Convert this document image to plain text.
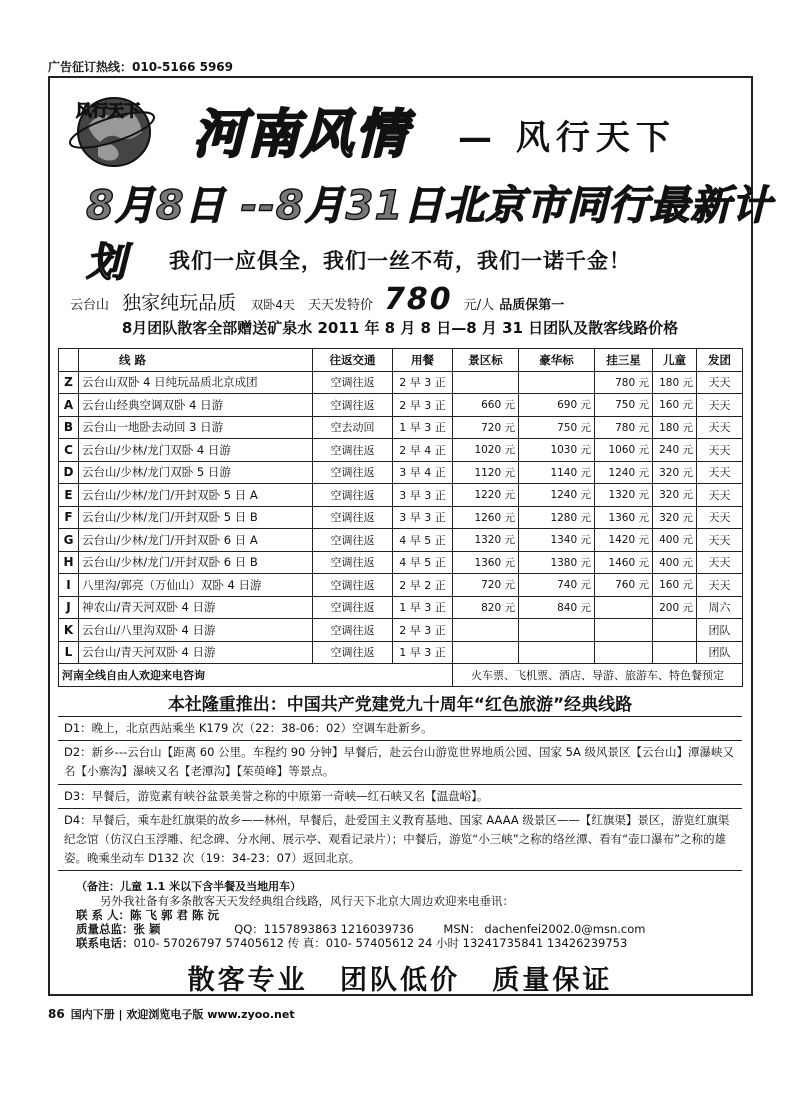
广告征订热线：010-5166 5969
风行天下 河南风情 — 风行天下
8月8日 --8月31日北京市同行最新计划	我们一应俱全，我们一丝不苟，我们一诺千金！
云台山 独家纯玩品质 双卧4天 天天发特价 780 元/人 品质保第一
8月团队散客全部赠送矿泉水 2011 年 8 月 8 日—8 月 31 日团队及散客线路价格
	线 路	往返交通	用餐	景区标	豪华标	挂三星	儿童	发团
Z	云台山双卧 4 日纯玩品质北京成团	空调往返	2 早 3 正			780 元	180 元	天天
A	云台山经典空调双卧 4 日游	空调往返	2 早 3 正	660 元	690 元	750 元	160 元	天天
B	云台山一地卧去动回 3 日游	空去动回	1 早 3 正	720 元	750 元	780 元	180 元	天天
C	云台山/少林/龙门双卧 4 日游	空调往返	2 早 4 正	1020 元	1030 元	1060 元	240 元	天天
D	云台山/少林/龙门双卧 5 日游	空调往返	3 早 4 正	1120 元	1140 元	1240 元	320 元	天天
E	云台山/少林/龙门/开封双卧 5 日 A	空调往返	3 早 3 正	1220 元	1240 元	1320 元	320 元	天天
F	云台山/少林/龙门/开封双卧 5 日 B	空调往返	3 早 3 正	1260 元	1280 元	1360 元	320 元	天天
G	云台山/少林/龙门/开封双卧 6 日 A	空调往返	4 早 5 正	1320 元	1340 元	1420 元	400 元	天天
H	云台山/少林/龙门/开封双卧 6 日 B	空调往返	4 早 5 正	1360 元	1380 元	1460 元	400 元	天天
I	八里沟/郭亮（万仙山）双卧 4 日游	空调往返	2 早 2 正	720 元	740 元	760 元	160 元	天天
J	神农山/青天河双卧 4 日游	空调往返	1 早 3 正	820 元	840 元		200 元	周六
K	云台山/八里沟双卧 4 日游	空调往返	2 早 3 正					团队
L	云台山/青天河双卧 4 日游	空调往返	1 早 3 正					团队
河南全线自由人欢迎来电咨询				火车票、飞机票、酒店、导游、旅游车、特色餐预定				
本社隆重推出：中国共产党建党九十周年“红色旅游”经典线路
D1：晚上，北京西站乘坐 K179 次（22：38-06：02）空调车赴新乡。
D2：新乡---云台山【距离 60 公里。车程约 90 分钟】早餐后，赴云台山游览世界地质公园、国家 5A 级风景区【云台山】潭瀑峡又名【小寨沟】瀑峡又名【老潭沟】【茱萸峰】等景点。
D3：早餐后，游览素有峡谷盆景美誉之称的中原第一奇峡—红石峡又名【温盘峪】。
D4：早餐后，乘车赴红旗渠的故乡——林州，早餐后，赴爱国主义教育基地、国家 AAAA 级景区——【红旗渠】景区，游览红旗渠纪念馆（仿汉白玉浮雕、纪念碑、分水闸、展示亭、观看记录片）；中餐后，游览“小三峡”之称的络丝潭、看有“壶口瀑布”之称的雄姿。晚乘坐动车 D132 次（19：34-23：07）返回北京。
（备注：儿童 1.1 米以下含半餐及当地用车）
另外我社备有多条散客天天发经典组合线路，风行天下北京大周边欢迎来电垂讯：
联 系 人：陈 飞 郭 君 陈 沅
质量总监：张 颖	QQ：1157893863 1216039736	MSN： dachenfei2002.0@msn.com
联系电话：010- 57026797 57405612 传 真：010- 57405612 24 小时 13241735841 13426239753
散客专业 团队低价 质量保证
86 国内下册 | 欢迎浏览电子版 www.zyoo.net
